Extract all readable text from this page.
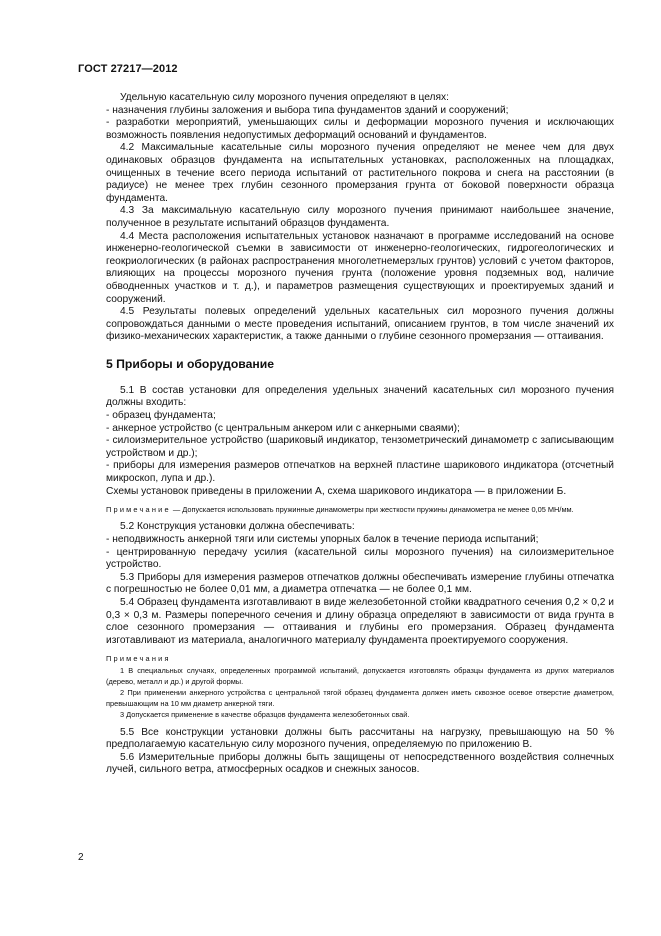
ГОСТ 27217—2012

Удельную касательную силу морозного пучения определяют в целях:

- назначения глубины заложения и выбора типа фундаментов зданий и сооружений;

- разработки мероприятий, уменьшающих силы и деформации морозного пучения и исключающих возможность появления недопустимых деформаций оснований и фундаментов.

4.2 Максимальные касательные силы морозного пучения определяют не менее чем для двух одинаковых образцов фундамента на испытательных установках, расположенных на площадках, очищенных в течение всего периода испытаний от растительного покрова и снега на расстоянии (в радиусе) не менее трех глубин сезонного промерзания грунта от боковой поверхности образца фундамента.

4.3 За максимальную касательную силу морозного пучения принимают наибольшее значение, полученное в результате испытаний образцов фундамента.

4.4 Места расположения испытательных установок назначают в программе исследований на основе инженерно-геологической съемки в зависимости от инженерно-геологических, гидрогеологических и геокриологических (в районах распространения многолетнемерзлых грунтов) условий с учетом факторов, влияющих на процессы морозного пучения грунта (положение уровня подземных вод, наличие обводненных участков и т. д.), и параметров размещения существующих и проектируемых зданий и сооружений.

4.5 Результаты полевых определений удельных касательных сил морозного пучения должны сопровождаться данными о месте проведения испытаний, описанием грунтов, в том числе значений их физико-механических характеристик, а также данными о глубине сезонного промерзания — оттаивания.

5 Приборы и оборудование

5.1 В состав установки для определения удельных значений касательных сил морозного пучения должны входить:

- образец фундамента;

- анкерное устройство (с центральным анкером или с анкерными сваями);

- силоизмерительное устройство (шариковый индикатор, тензометрический динамометр с записывающим устройством и др.);

- приборы для измерения размеров отпечатков на верхней пластине шарикового индикатора (отсчетный микроскоп, лупа и др.).

Схемы установок приведены в приложении А, схема шарикового индикатора — в приложении Б.

Примечание — Допускается использовать пружинные динамометры при жесткости пружины динамометра не менее 0,05 МН/мм.

5.2 Конструкция установки должна обеспечивать:

- неподвижность анкерной тяги или системы упорных балок в течение периода испытаний;

- центрированную передачу усилия (касательной силы морозного пучения) на силоизмерительное устройство.

5.3 Приборы для измерения размеров отпечатков должны обеспечивать измерение глубины отпечатка с погрешностью не более 0,01 мм, а диаметра отпечатка — не более 0,1 мм.

5.4 Образец фундамента изготавливают в виде железобетонной стойки квадратного сечения 0,2 × 0,2 и 0,3 × 0,3 м. Размеры поперечного сечения и длину образца определяют в зависимости от вида грунта в слое сезонного промерзания — оттаивания и глубины его промерзания. Образец фундамента изготавливают из материала, аналогичного материалу фундамента проектируемого сооружения.

Примечания

1 В специальных случаях, определенных программой испытаний, допускается изготовлять образцы фундамента из других материалов (дерево, металл и др.) и другой формы.

2 При применении анкерного устройства с центральной тягой образец фундамента должен иметь сквозное осевое отверстие диаметром, превышающим на 10 мм диаметр анкерной тяги.

3 Допускается применение в качестве образцов фундамента железобетонных свай.

5.5 Все конструкции установки должны быть рассчитаны на нагрузку, превышающую на 50 % предполагаемую касательную силу морозного пучения, определяемую по приложению В.

5.6 Измерительные приборы должны быть защищены от непосредственного воздействия солнечных лучей, сильного ветра, атмосферных осадков и снежных заносов.

2
